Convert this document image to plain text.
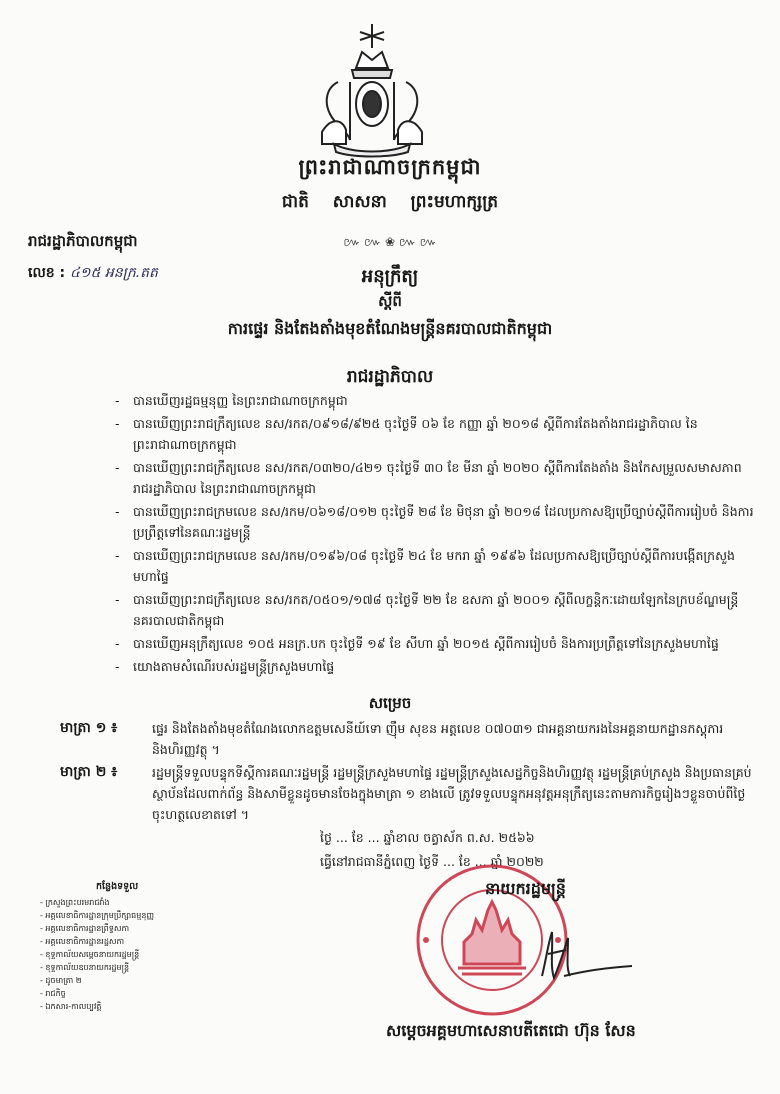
ព្រះរាជាណាចក្រកម្ពុជា
ជាតិ សាសនា ព្រះមហាក្សត្រ
៚ ៚ ❀ ៚ ៚
រាជរដ្ឋាភិបាលកម្ពុជា
លេខ : ៤១៥ អនក្រ.តត	អនុក្រឹត្យ
ស្តីពី
ការផ្ទេរ និងតែងតាំងមុខតំណែងមន្ត្រីនគរបាលជាតិកម្ពុជា
រាជរដ្ឋាភិបាល
- បានឃើញរដ្ឋធម្មនុញ្ញ នៃព្រះរាជាណាចក្រកម្ពុជា
- បានឃើញព្រះរាជក្រឹត្យលេខ នស/រកត/០៩១៨/៩២៥ ចុះថ្ងៃទី ០៦ ខែ កញ្ញា ឆ្នាំ ២០១៨ ស្តីពីការតែងតាំងរាជរដ្ឋាភិបាល នៃព្រះរាជាណាចក្រកម្ពុជា
- បានឃើញព្រះរាជក្រឹត្យលេខ នស/រកត/០៣២០/៤២១ ចុះថ្ងៃទី ៣០ ខែ មីនា ឆ្នាំ ២០២០ ស្តីពីការតែងតាំង និងកែសម្រួលសមាសភាពរាជរដ្ឋាភិបាល នៃព្រះរាជាណាចក្រកម្ពុជា
- បានឃើញព្រះរាជក្រមលេខ នស/រកម/០៦១៨/០១២ ចុះថ្ងៃទី ២៨ ខែ មិថុនា ឆ្នាំ ២០១៨ ដែលប្រកាសឱ្យប្រើច្បាប់ស្តីពីការរៀបចំ និងការប្រព្រឹត្តទៅនៃគណៈរដ្ឋមន្ត្រី
- បានឃើញព្រះរាជក្រមលេខ នស/រកម/០១៩៦/០៨ ចុះថ្ងៃទី ២៤ ខែ មករា ឆ្នាំ ១៩៩៦ ដែលប្រកាសឱ្យប្រើច្បាប់ស្តីពីការបង្កើតក្រសួងមហាផ្ទៃ
- បានឃើញព្រះរាជក្រឹត្យលេខ នស/រកត/០៥០១/១៧៨ ចុះថ្ងៃទី ២២ ខែ ឧសភា ឆ្នាំ ២០០១ ស្តីពីលក្ខន្តិកៈដោយឡែកនៃក្របខ័ណ្ឌមន្ត្រីនគរបាលជាតិកម្ពុជា
- បានឃើញអនុក្រឹត្យលេខ ១០៥ អនក្រ.បក ចុះថ្ងៃទី ១៩ ខែ សីហា ឆ្នាំ ២០១៥ ស្តីពីការរៀបចំ និងការប្រព្រឹត្តទៅនៃក្រសួងមហាផ្ទៃ
- យោងតាមសំណើរបស់រដ្ឋមន្ត្រីក្រសួងមហាផ្ទៃ
សម្រេច
មាត្រា ១ ៖	ផ្ទេរ និងតែងតាំងមុខតំណែងលោកឧត្តមសេនីយ៍ទោ ញ៉ឹម សុខន អត្តលេខ ០៧០៣១ ជាអគ្គនាយករងនៃអគ្គនាយកដ្ឋានភស្តុភារ និងហិរញ្ញវត្ថុ ។
មាត្រា ២ ៖	រដ្ឋមន្ត្រីទទួលបន្ទុកទីស្តីការគណៈរដ្ឋមន្ត្រី រដ្ឋមន្ត្រីក្រសួងមហាផ្ទៃ រដ្ឋមន្ត្រីក្រសួងសេដ្ឋកិច្ចនិងហិរញ្ញវត្ថុ រដ្ឋមន្ត្រីគ្រប់ក្រសួង និងប្រធានគ្រប់ស្ថាប័នដែលពាក់ព័ន្ធ និងសាមីខ្លួនដូចមានចែងក្នុងមាត្រា ១ ខាងលើ ត្រូវទទួលបន្ទុកអនុវត្តអនុក្រឹត្យនេះតាមភារកិច្ចរៀងៗខ្លួនចាប់ពីថ្ងៃចុះហត្ថលេខាតទៅ ។
ថ្ងៃ ... ខែ ... ឆ្នាំខាល ចត្វាស័ក ព.ស. ២៥៦៦
ធ្វើនៅរាជធានីភ្នំពេញ ថ្ងៃទី ... ខែ ... ឆ្នាំ ២០២២
នាយករដ្ឋមន្ត្រី
សម្តេចអគ្គមហាសេនាបតីតេជោ ហ៊ុន សែន
កន្លែងទទួល
- ក្រសួងព្រះបរមរាជវាំង
- អគ្គលេខាធិការដ្ឋានក្រុមប្រឹក្សាធម្មនុញ្ញ
- អគ្គលេខាធិការដ្ឋានព្រឹទ្ធសភា
- អគ្គលេខាធិការដ្ឋានរដ្ឋសភា
- ខុទ្ទកាល័យសម្តេចនាយករដ្ឋមន្ត្រី
- ខុទ្ទកាល័យឧបនាយករដ្ឋមន្ត្រី
- ដូចមាត្រា ២
- រាជកិច្ច
- ឯកសារ-កាលប្បវត្តិ
